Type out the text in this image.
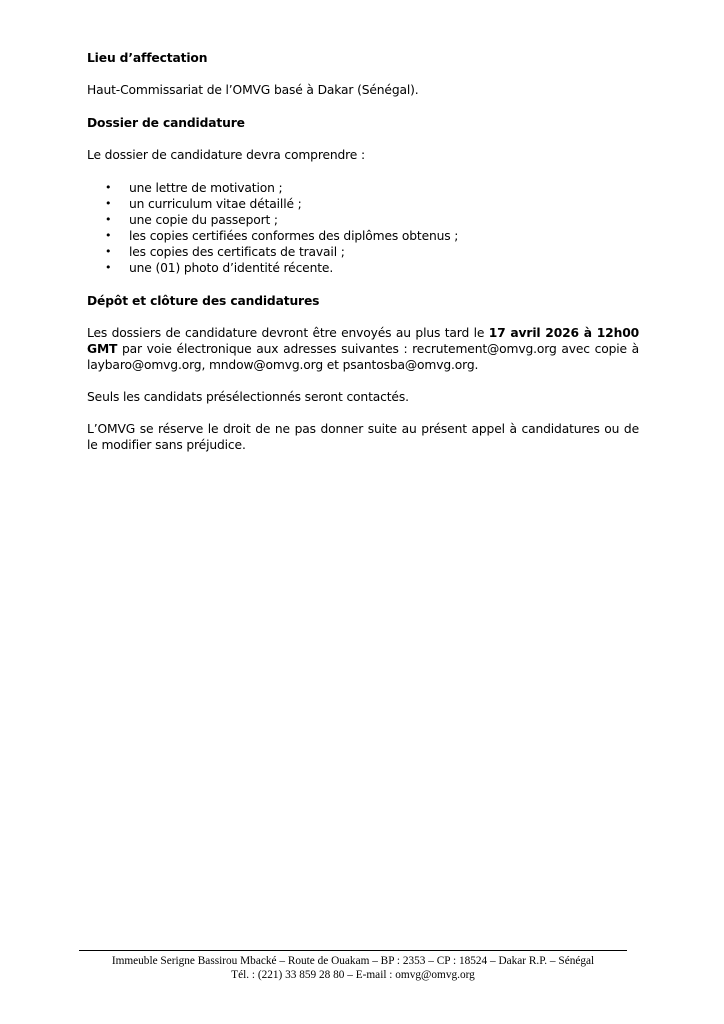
Lieu d’affectation

Haut-Commissariat de l’OMVG basé à Dakar (Sénégal).

Dossier de candidature

Le dossier de candidature devra comprendre :

• une lettre de motivation ;
• un curriculum vitae détaillé ;
• une copie du passeport ;
• les copies certifiées conformes des diplômes obtenus ;
• les copies des certificats de travail ;
• une (01) photo d’identité récente.

Dépôt et clôture des candidatures

Les dossiers de candidature devront être envoyés au plus tard le 17 avril 2026 à 12h00 GMT par voie électronique aux adresses suivantes : recrutement@omvg.org avec copie à laybaro@omvg.org, mndow@omvg.org et psantosba@omvg.org.

Seuls les candidats présélectionnés seront contactés.

L’OMVG se réserve le droit de ne pas donner suite au présent appel à candidatures ou de le modifier sans préjudice.

Immeuble Serigne Bassirou Mbacké – Route de Ouakam – BP : 2353 – CP : 18524 – Dakar R.P. – Sénégal
Tél. : (221) 33 859 28 80 – E-mail : omvg@omvg.org
